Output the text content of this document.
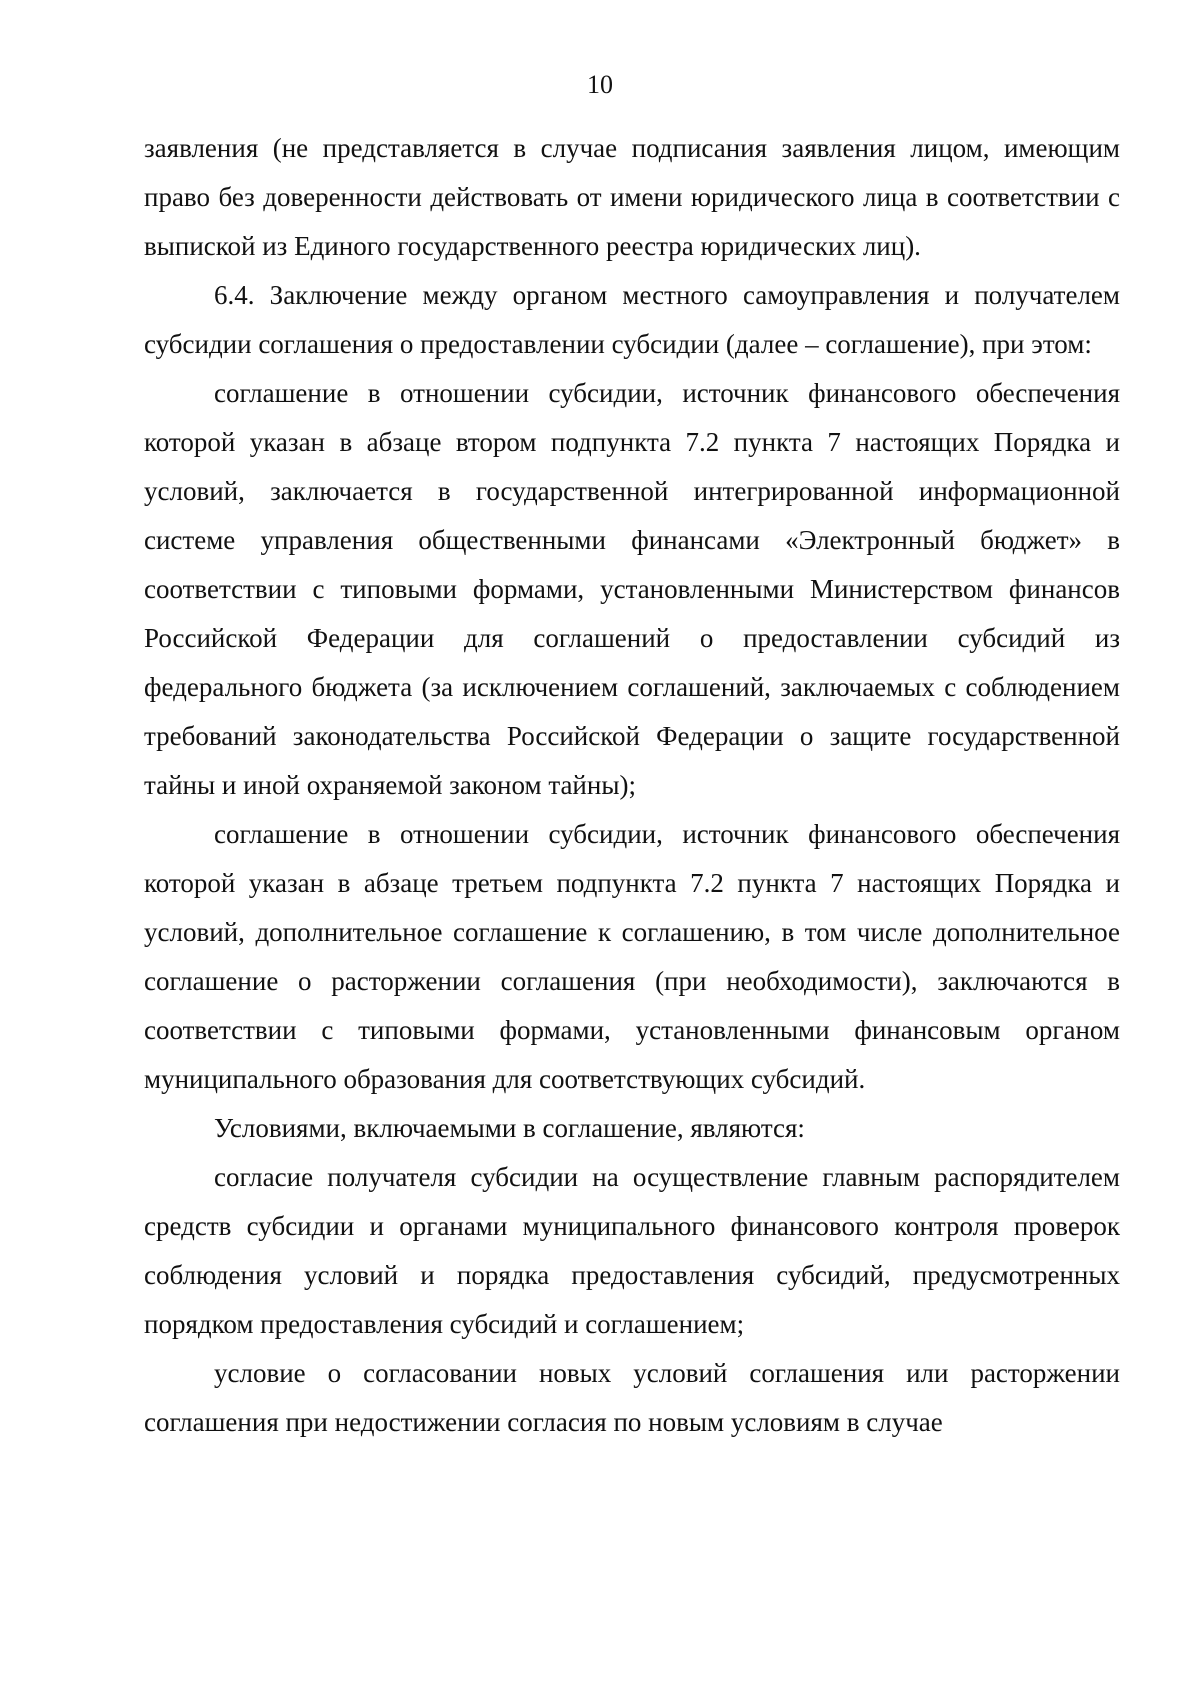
10

заявления (не представляется в случае подписания заявления лицом, имеющим право без доверенности действовать от имени юридического лица в соответствии с выпиской из Единого государственного реестра юридических лиц).

6.4. Заключение между органом местного самоуправления и получателем субсидии соглашения о предоставлении субсидии (далее – соглашение), при этом:

соглашение в отношении субсидии, источник финансового обеспечения которой указан в абзаце втором подпункта 7.2 пункта 7 настоящих Порядка и условий, заключается в государственной интегрированной информационной системе управления общественными финансами «Электронный бюджет» в соответствии с типовыми формами, установленными Министерством финансов Российской Федерации для соглашений о предоставлении субсидий из федерального бюджета (за исключением соглашений, заключаемых с соблюдением требований законодательства Российской Федерации о защите государственной тайны и иной охраняемой законом тайны);

соглашение в отношении субсидии, источник финансового обеспечения которой указан в абзаце третьем подпункта 7.2 пункта 7 настоящих Порядка и условий, дополнительное соглашение к соглашению, в том числе дополнительное соглашение о расторжении соглашения (при необходимости), заключаются в соответствии с типовыми формами, установленными финансовым органом муниципального образования для соответствующих субсидий.

Условиями, включаемыми в соглашение, являются:

согласие получателя субсидии на осуществление главным распорядителем средств субсидии и органами муниципального финансового контроля проверок соблюдения условий и порядка предоставления субсидий, предусмотренных порядком предоставления субсидий и соглашением;

условие о согласовании новых условий соглашения или расторжении соглашения при недостижении согласия по новым условиям в случае
